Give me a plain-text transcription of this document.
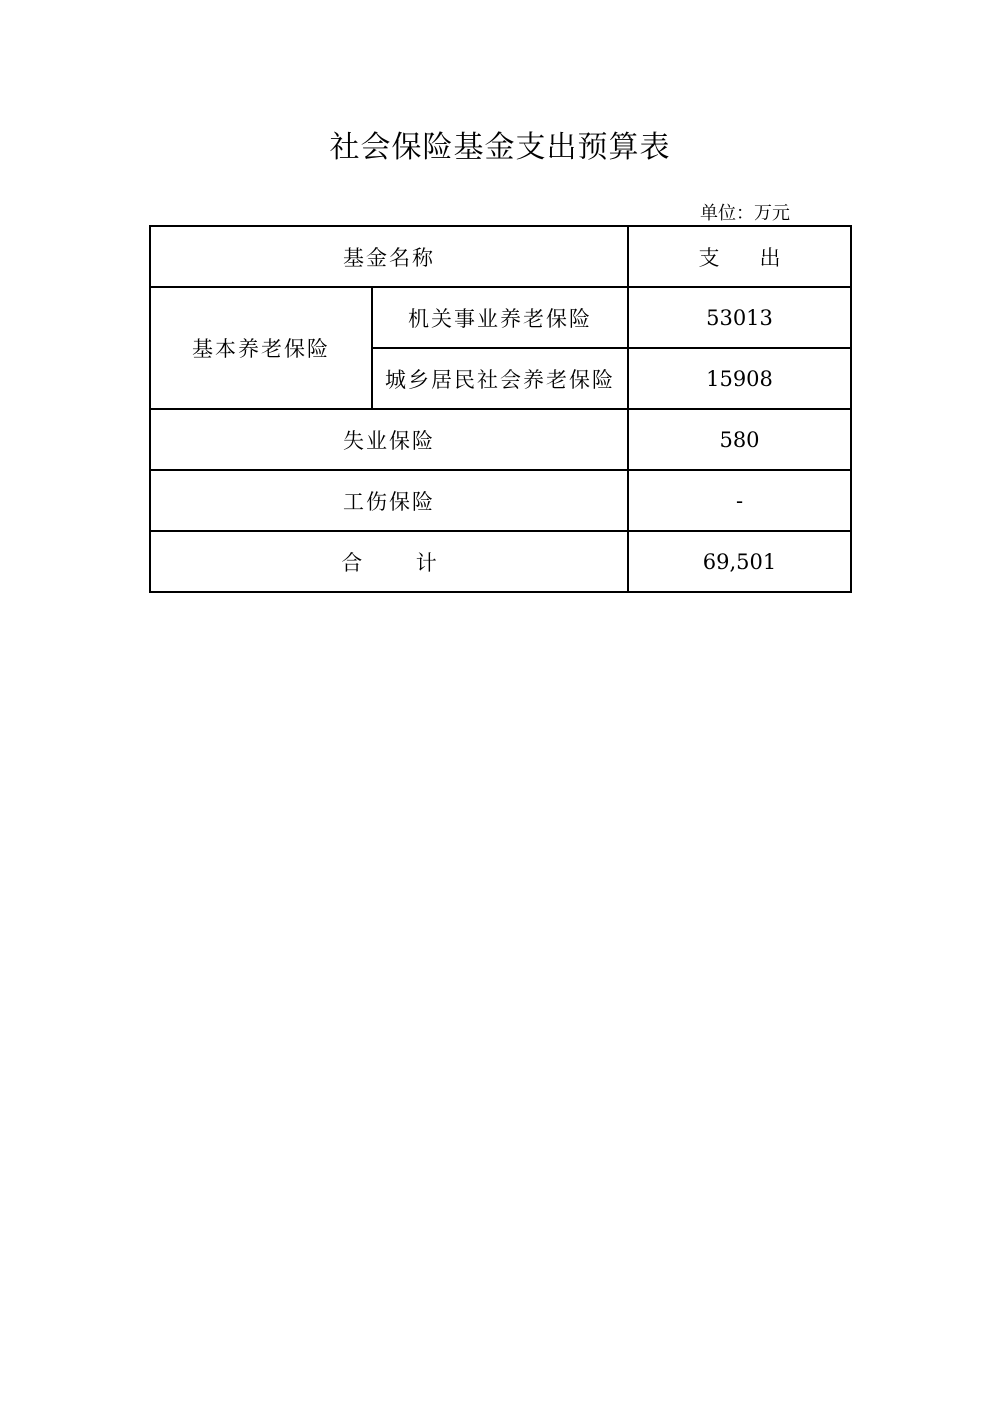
社会保险基金支出预算表
单位：万元
基金名称		支      出
基本养老保险	机关事业养老保险	53013
	城乡居民社会养老保险	15908
失业保险		580
工伤保险		-
合        计		69,501
